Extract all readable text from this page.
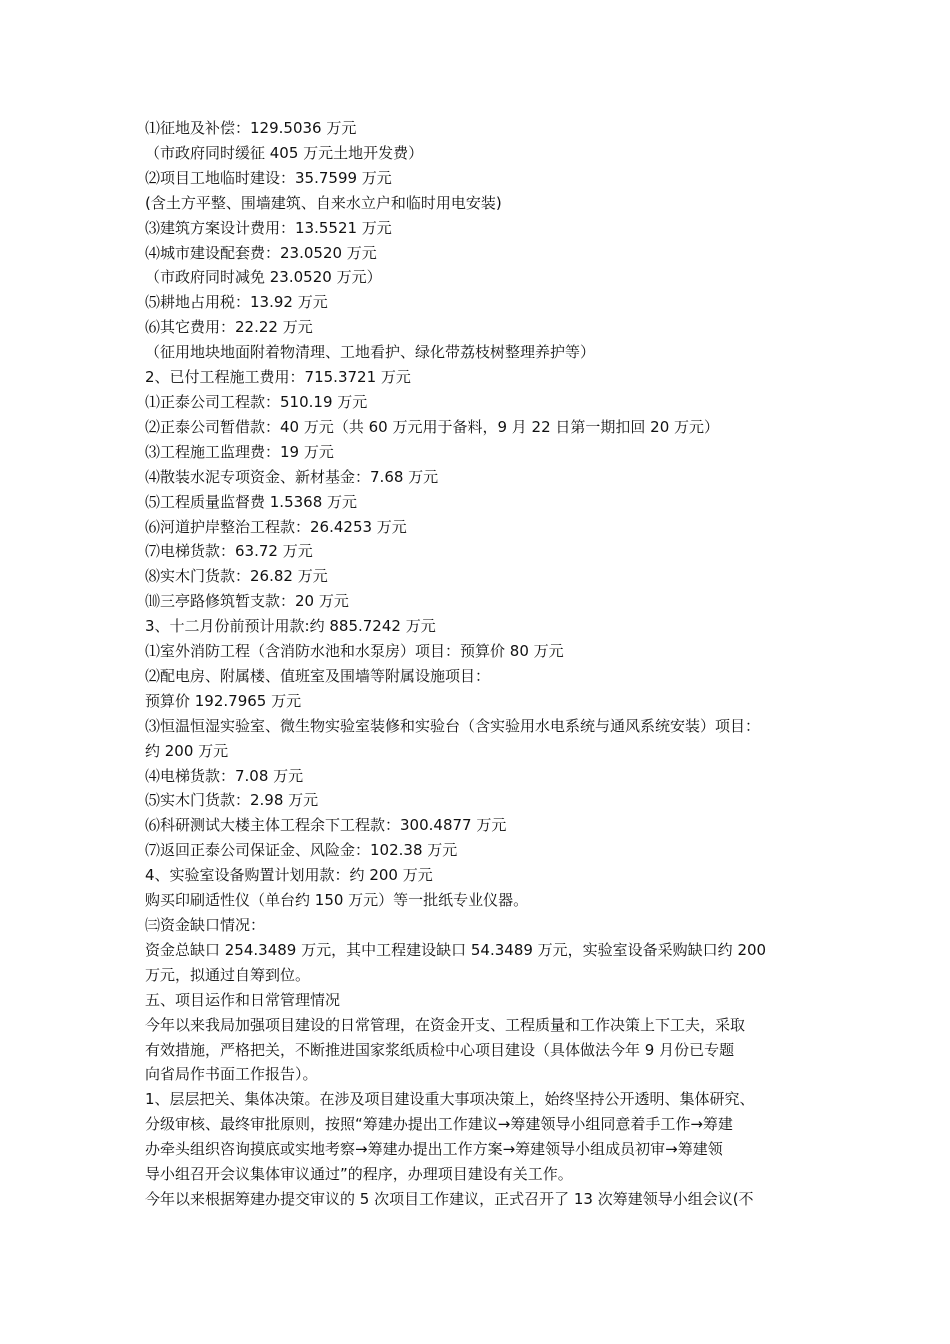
⑴征地及补偿：129.5036 万元
（市政府同时缓征 405 万元土地开发费）
⑵项目工地临时建设：35.7599 万元
(含土方平整、围墙建筑、自来水立户和临时用电安装)
⑶建筑方案设计费用：13.5521 万元
⑷城市建设配套费：23.0520 万元
（市政府同时减免 23.0520 万元）
⑸耕地占用税：13.92 万元
⑹其它费用：22.22 万元
（征用地块地面附着物清理、工地看护、绿化带荔枝树整理养护等）
2、已付工程施工费用：715.3721 万元
⑴正泰公司工程款：510.19 万元
⑵正泰公司暂借款：40 万元（共 60 万元用于备料，9 月 22 日第一期扣回 20 万元）
⑶工程施工监理费：19 万元
⑷散装水泥专项资金、新材基金：7.68 万元
⑸工程质量监督费 1.5368 万元
⑹河道护岸整治工程款：26.4253 万元
⑺电梯货款：63.72 万元
⑻实木门货款：26.82 万元
⑽三亭路修筑暂支款：20 万元
3、十二月份前预计用款:约 885.7242 万元
⑴室外消防工程（含消防水池和水泵房）项目：预算价 80 万元
⑵配电房、附属楼、值班室及围墙等附属设施项目：
预算价 192.7965 万元
⑶恒温恒湿实验室、微生物实验室装修和实验台（含实验用水电系统与通风系统安装）项目：
约 200 万元
⑷电梯货款：7.08 万元
⑸实木门货款：2.98 万元
⑹科研测试大楼主体工程余下工程款：300.4877 万元
⑺返回正泰公司保证金、风险金：102.38 万元
4、实验室设备购置计划用款：约 200 万元
购买印刷适性仪（单台约 150 万元）等一批纸专业仪器。
㈢资金缺口情况：
资金总缺口 254.3489 万元，其中工程建设缺口 54.3489 万元，实验室设备采购缺口约 200
万元，拟通过自筹到位。
五、项目运作和日常管理情况
今年以来我局加强项目建设的日常管理，在资金开支、工程质量和工作决策上下工夫，采取
有效措施，严格把关，不断推进国家浆纸质检中心项目建设（具体做法今年 9 月份已专题
向省局作书面工作报告）。
1、层层把关、集体决策。在涉及项目建设重大事项决策上，始终坚持公开透明、集体研究、
分级审核、最终审批原则，按照“筹建办提出工作建议→筹建领导小组同意着手工作→筹建
办牵头组织咨询摸底或实地考察→筹建办提出工作方案→筹建领导小组成员初审→筹建领
导小组召开会议集体审议通过”的程序，办理项目建设有关工作。
今年以来根据筹建办提交审议的 5 次项目工作建议，正式召开了 13 次筹建领导小组会议(不
